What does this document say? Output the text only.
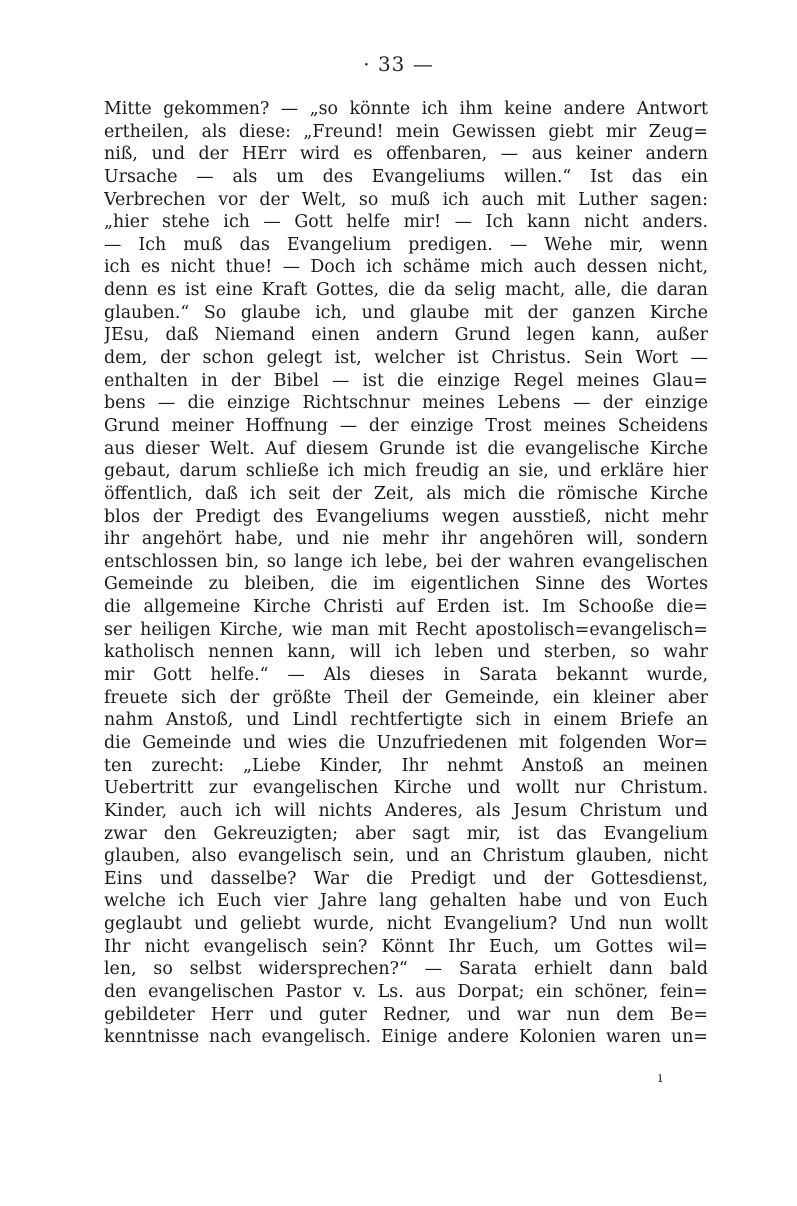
· 33 —
Mitte gekommen? — „so könnte ich ihm keine andere Antwort
ertheilen, als diese: „Freund! mein Gewissen giebt mir Zeug=
niß, und der HErr wird es offenbaren, — aus keiner andern
Ursache — als um des Evangeliums willen.“ Ist das ein
Verbrechen vor der Welt, so muß ich auch mit Luther sagen:
„hier stehe ich — Gott helfe mir! — Ich kann nicht anders.
— Ich muß das Evangelium predigen. — Wehe mir, wenn
ich es nicht thue! — Doch ich schäme mich auch dessen nicht,
denn es ist eine Kraft Gottes, die da selig macht, alle, die daran
glauben.“ So glaube ich, und glaube mit der ganzen Kirche
JEsu, daß Niemand einen andern Grund legen kann, außer
dem, der schon gelegt ist, welcher ist Christus. Sein Wort —
enthalten in der Bibel — ist die einzige Regel meines Glau=
bens — die einzige Richtschnur meines Lebens — der einzige
Grund meiner Hoffnung — der einzige Trost meines Scheidens
aus dieser Welt. Auf diesem Grunde ist die evangelische Kirche
gebaut, darum schließe ich mich freudig an sie, und erkläre hier
öffentlich, daß ich seit der Zeit, als mich die römische Kirche
blos der Predigt des Evangeliums wegen ausstieß, nicht mehr
ihr angehört habe, und nie mehr ihr angehören will, sondern
entschlossen bin, so lange ich lebe, bei der wahren evangelischen
Gemeinde zu bleiben, die im eigentlichen Sinne des Wortes
die allgemeine Kirche Christi auf Erden ist. Im Schooße die=
ser heiligen Kirche, wie man mit Recht apostolisch=evangelisch=
katholisch nennen kann, will ich leben und sterben, so wahr
mir Gott helfe.“ — Als dieses in Sarata bekannt wurde,
freuete sich der größte Theil der Gemeinde, ein kleiner aber
nahm Anstoß, und Lindl rechtfertigte sich in einem Briefe an
die Gemeinde und wies die Unzufriedenen mit folgenden Wor=
ten zurecht: „Liebe Kinder, Ihr nehmt Anstoß an meinen
Uebertritt zur evangelischen Kirche und wollt nur Christum.
Kinder, auch ich will nichts Anderes, als Jesum Christum und
zwar den Gekreuzigten; aber sagt mir, ist das Evangelium
glauben, also evangelisch sein, und an Christum glauben, nicht
Eins und dasselbe? War die Predigt und der Gottesdienst,
welche ich Euch vier Jahre lang gehalten habe und von Euch
geglaubt und geliebt wurde, nicht Evangelium? Und nun wollt
Ihr nicht evangelisch sein? Könnt Ihr Euch, um Gottes wil=
len, so selbst widersprechen?“ — Sarata erhielt dann bald
den evangelischen Pastor v. Ls. aus Dorpat; ein schöner, fein=
gebildeter Herr und guter Redner, und war nun dem Be=
kenntnisse nach evangelisch. Einige andere Kolonien waren un=
ı
